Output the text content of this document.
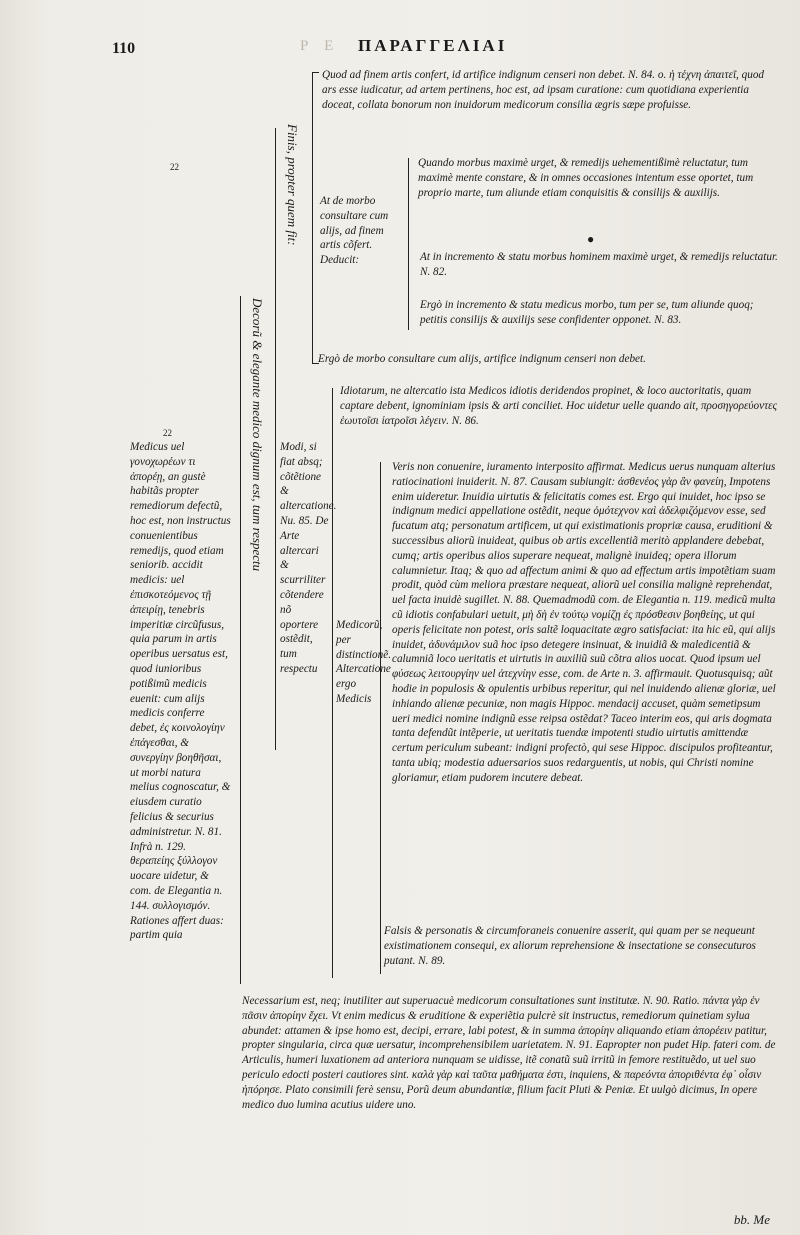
110	Ρ Ε ΠΑΡΑΓΓΕΛΙΑΙ
Finis, propter quem fit:
Decorũ & elegante medico dignum est, tum respectu
22
22
Quod ad finem artis confert, id artifice indignum censeri non debet. N. 84. o. ἡ τέχνη ἀπαιτεῖ, quod ars esse iudicatur, ad artem pertinens, hoc est, ad ipsam curatione: cum quotidiana experientia doceat, collata bonorum non inuidorum medicorum consilia ægris sæpe profuisse.
At de morbo consultare cum alijs, ad finem artis cõfert. Deducit:
Quando morbus maximè urget, & remedijs uehementißimè reluctatur, tum maximè mente constare, & in omnes occasiones intentum esse oportet, tum proprio marte, tum aliunde etiam conquisitis & consilijs & auxilijs.
●
At in incremento & statu morbus hominem maximè urget, & remedijs reluctatur. N. 82.
Ergò in incremento & statu medicus morbo, tum per se, tum aliunde quoq; petitis consilijs & auxilijs sese confidenter opponet. N. 83.
Ergò de morbo consultare cum alijs, artifice indignum censeri non debet.
Idiotarum, ne altercatio ista Medicos idiotis deridendos propinet, & loco auctoritatis, quam captare debent, ignominiam ipsis & arti conciliet. Hoc uidetur uelle quando ait, προσηγορεύοντες ἑωυτοῖσι ἰατροῖσι λέγειν. N. 86.
Medicus uel γονοχωρέων τι ἀπορέῃ, an gustè habitãs propter remediorum defectũ, hoc est, non instructus conuenientibus remedijs, quod etiam seniorib. accidit medicis: uel ἐπισκοτεόμενος τῇ ἀπειρίῃ, tenebris imperitiæ circũfusus, quia parum in artis operibus uersatus est, quod iunioribus potißimũ medicis euenit: cum alijs medicis conferre debet, ἐς κοινολογίην ἐπάγεσθαι, & συνεργίην βοηθῆσαι, ut morbi natura melius cognoscatur, & eiusdem curatio felicius & securius administretur. N. 81. Infrà n. 129. θεραπείης ξύλλογον uocare uidetur, & com. de Elegantia n. 144. συλλογισμόν. Rationes affert duas: partim quia
Modi, si fiat absq; cõtẽtione & altercatione. Nu. 85. De Arte altercari & scurriliter cõtendere nõ oportere ostẽdit, tum respectu
Medicorũ, per distinctionẽ. Altercatione ergo Medicis
Veris non conuenire, iuramento interposito affirmat. Medicus uerus nunquam alterius ratiocinationi inuiderit. N. 87. Causam subiungit: ἀσθενέος γὰρ ἂν φανείη, Impotens enim uideretur. Inuidia uirtutis & felicitatis comes est. Ergo qui inuidet, hoc ipso se indignum medici appellatione ostẽdit, neque ὁμότεχνον καὶ ἀδελφιζόμενον esse, sed fucatum atq; personatum artificem, ut qui existimationis propriæ causa, eruditioni & successibus aliorũ inuideat, quibus ob artis excellentiã meritò applandere debebat, cumq; artis operibus alios superare nequeat, malignè inuideq; opera illorum calumnietur. Itaq; & quo ad affectum animi & quo ad effectum artis impotẽtiam suam prodit, quòd cùm meliora præstare nequeat, aliorũ uel consilia malignè reprehendat, uel facta inuidè sugillet. N. 88. Quemadmodũ com. de Elegantia n. 119. medicũ multa cũ idiotis confabulari uetuit, μὴ δὴ ἐν τούτῳ νομίζῃ ἐς πρόσθεσιν βοηθείης, ut qui operis felicitate non potest, oris saltẽ loquacitate ægro satisfaciat: ita hic eũ, qui alijs inuidet, ἀδυνάμιλον suã hoc ipso detegere insinuat, & inuidiã & maledicentiã & calumniã loco ueritatis et uirtutis in auxiliũ suũ cõtra alios uocat. Quod ipsum uel φύσεως λειτουργίην uel ἀτεχνίην esse, com. de Arte n. 3. affirmauit. Quotusquisq; aũt hodie in populosis & opulentis urbibus reperitur, qui nel inuidendo alienæ gloriæ, uel inhiando alienæ pecuniæ, non magis Hippoc. mendacij accuset, quàm semetipsum ueri medici nomine indignũ esse reipsa ostẽdat? Taceo interim eos, qui aris dogmata tanta defendũt intẽperie, ut ueritatis tuendæ impotenti studio uirtutis amittendæ certum periculum subeant: indigni profectò, qui sese Hippoc. discipulos profiteantur, tanta ubiq; modestia aduersarios suos redarguentis, ut nobis, qui Christi nomine gloriamur, etiam pudorem incutere debeat.
Falsis & personatis & circumforaneis conuenire asserit, qui quam per se nequeunt existimationem consequi, ex aliorum reprehensione & insectatione se consecuturos putant. N. 89.
Necessarium est, neq; inutiliter aut superuacuè medicorum consultationes sunt institutæ. N. 90. Ratio. πάντα γὰρ ἐν πᾶσιν ἀπορίην ἔχει. Vt enim medicus & eruditione & experiẽtia pulcrè sit instructus, remediorum quinetiam sylua abundet: attamen & ipse homo est, decipi, errare, labi potest, & in summa ἀπορίην aliquando etiam ἀπορέειν patitur, propter singularia, circa quæ uersatur, incomprehensibilem uarietatem. N. 91. Eapropter non pudet Hip. fateri com. de Articulis, humeri luxationem ad anteriora nunquam se uidisse, itẽ conatũ suũ irritũ in femore restituẽdo, ut uel suo periculo edocti posteri cautiores sint. καλὰ γὰρ καὶ ταῦτα μαθήματα ἐστι, inquiens, & παρεόντα ἀποριθέντα ἐφ᾽ οἷσιν ἠπόρησε. Plato consimili ferè sensu, Porũ deum abundantiæ, filium facit Pluti & Peniæ. Et uulgò dicimus, In opere medico duo lumina acutius uidere uno.
bb. Me
